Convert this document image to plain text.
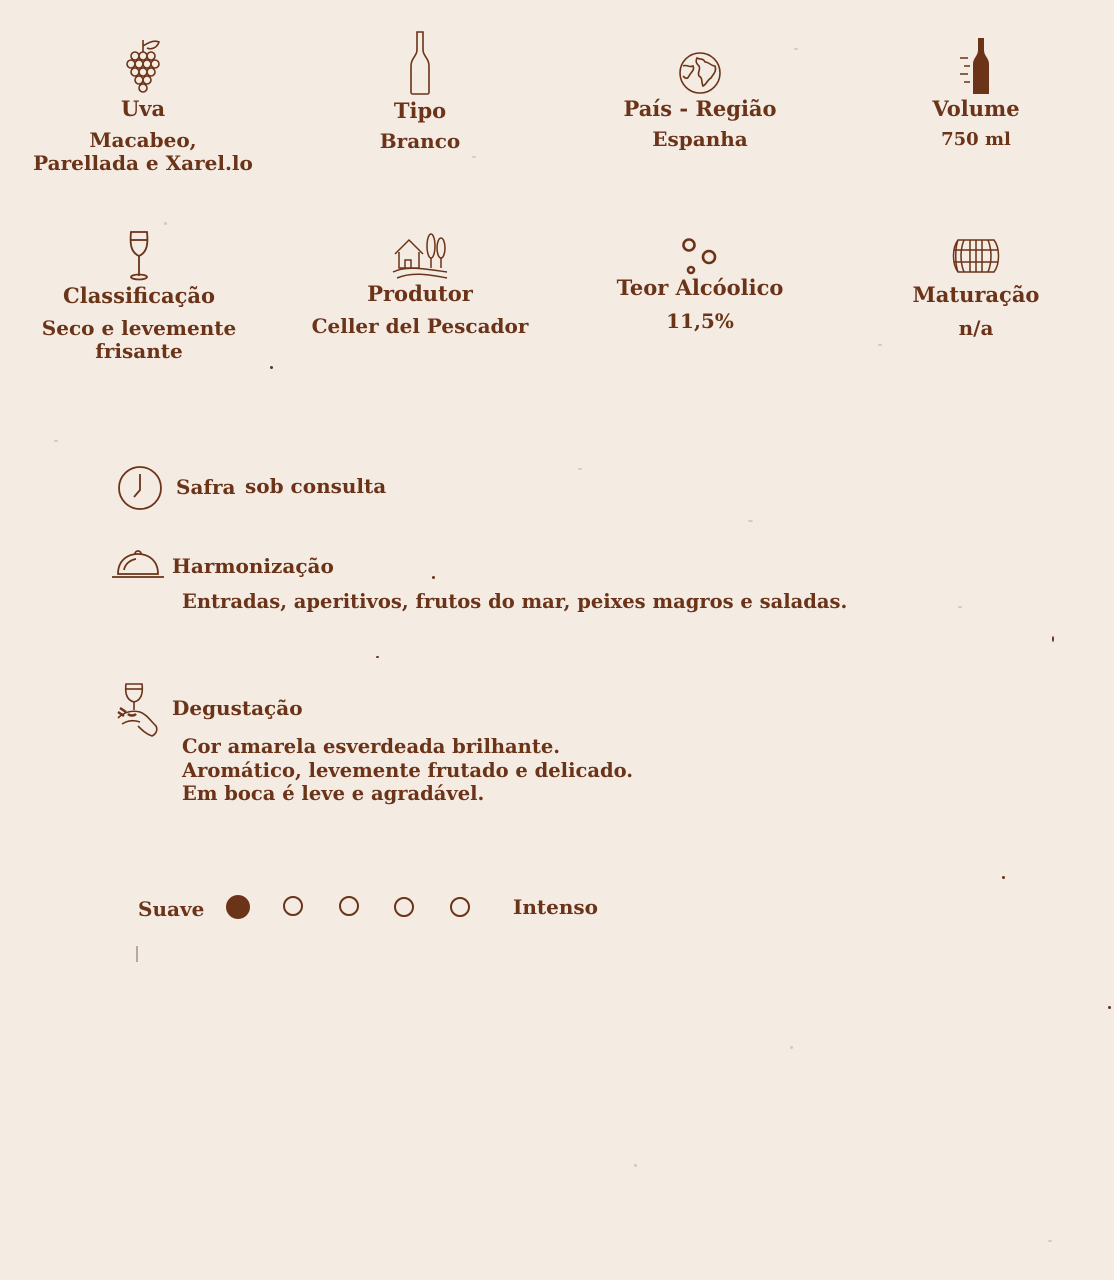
Uva
Macabeo,
Parellada e Xarel.lo
Tipo
Branco
País - Região
Espanha
Volume
750 ml
Classificação
Seco e levemente
frisante
Produtor
Celler del Pescador
Teor Alcóolico
11,5%
Maturação
n/a
Safra sob consulta
Harmonização
Entradas, aperitivos, frutos do mar, peixes magros e saladas.
Degustação
Cor amarela esverdeada brilhante.
Aromático, levemente frutado e delicado.
Em boca é leve e agradável.
Suave	Intenso
